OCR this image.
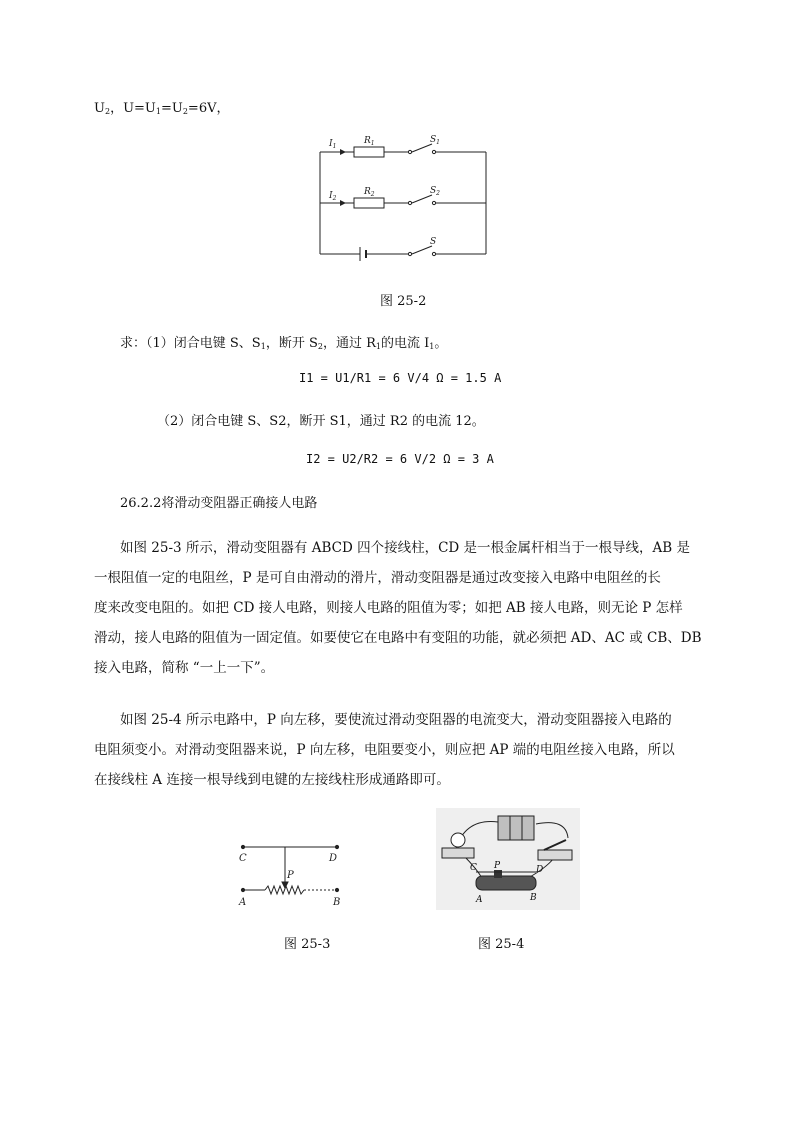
$U_2$，$U=U_1=U_2=6V$，
$I_1$
$R_1$	$S_1$
$I_2$
$R_2$	$S_2$
S
图 25-2
求：（1）闭合电键 S、$S_1$，断开 $S_2$，通过 $R_1$的电流 $I_1$。
I1 = U1/R1 = 6 V/4 Ω = 1.5 A
（2）闭合电键 S、S2，断开 S1，通过 R2 的电流 12。
I2 = U2/R2 = 6 V/2 Ω = 3 A
26.2.2将滑动变阻器正确接人电路
如图 25-3 所示，滑动变阻器有 ABCD 四个接线柱，CD 是一根金属杆相当于一根导线，AB 是
一根阻值一定的电阻丝，P 是可自由滑动的滑片，滑动变阻器是通过改变接入电路中电阻丝的长
度来改变电阻的。如把 CD 接人电路，则接人电路的阻值为零；如把 AB 接人电路，则无论 P 怎样
滑动，接人电路的阻值为一固定值。如要使它在电路中有变阻的功能，就必须把 AD、AC 或 CB、DB
接入电路，简称 “一上一下”。
如图 25-4 所示电路中，P 向左移，要使流过滑动变阻器的电流变大，滑动变阻器接入电路的
电阻须变小。对滑动变阻器来说，P 向左移，电阻要变小，则应把 AP 端的电阻丝接入电路，所以
在接线柱 A 连接一根导线到电键的左接线柱形成通路即可。
C	D
P
A	B
图 25-3
C P	D
A	B
图 25-4
